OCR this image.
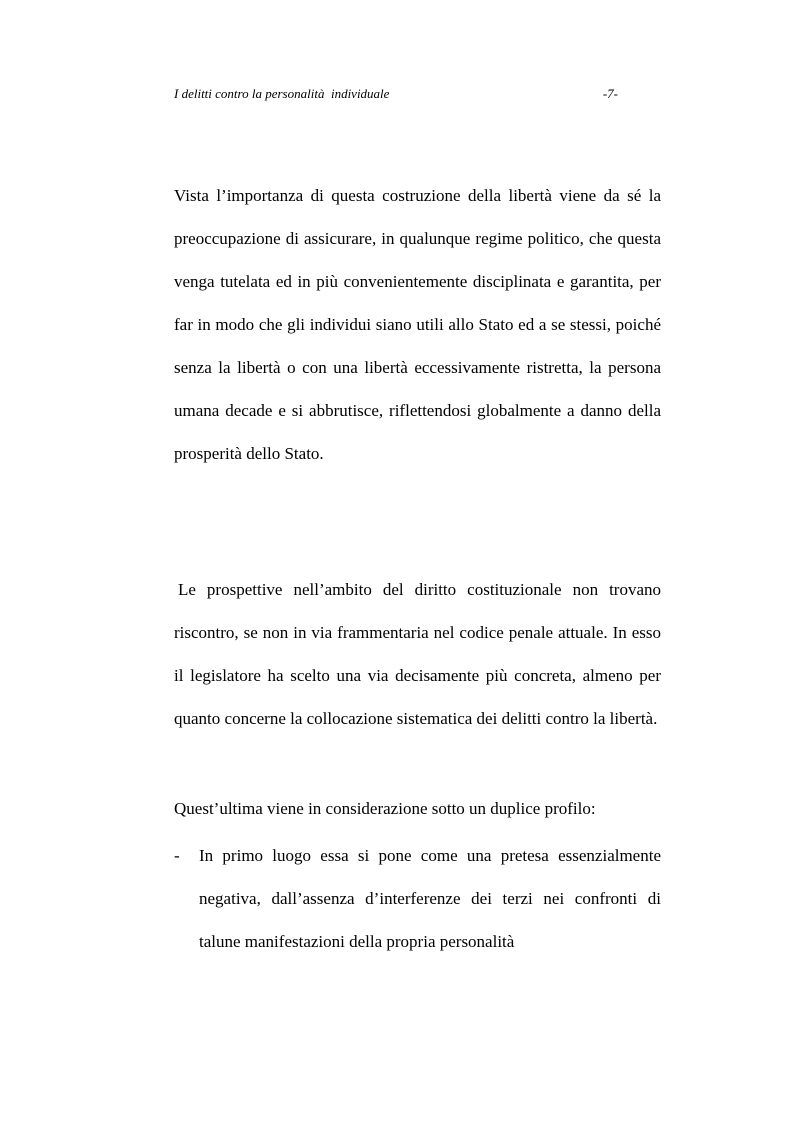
I delitti contro la personalità  individuale	-7-

Vista l’importanza di questa costruzione della libertà viene da sé la preoccupazione di assicurare, in qualunque regime politico, che questa venga tutelata ed in più convenientemente disciplinata e garantita, per far in modo che gli individui siano utili allo Stato ed a se stessi, poiché senza la libertà o con una libertà eccessivamente ristretta, la persona umana decade e si abbrutisce, riflettendosi globalmente a danno della prosperità dello Stato.

Le prospettive nell’ambito del diritto costituzionale non trovano riscontro, se non in via frammentaria nel codice penale attuale. In esso il legislatore ha scelto una via decisamente più concreta, almeno per quanto concerne la collocazione sistematica dei delitti contro la libertà.

Quest’ultima viene in considerazione sotto un duplice profilo:

- In primo luogo essa si pone come una pretesa essenzialmente negativa, dall’assenza d’interferenze dei terzi nei confronti di talune manifestazioni della propria personalità
